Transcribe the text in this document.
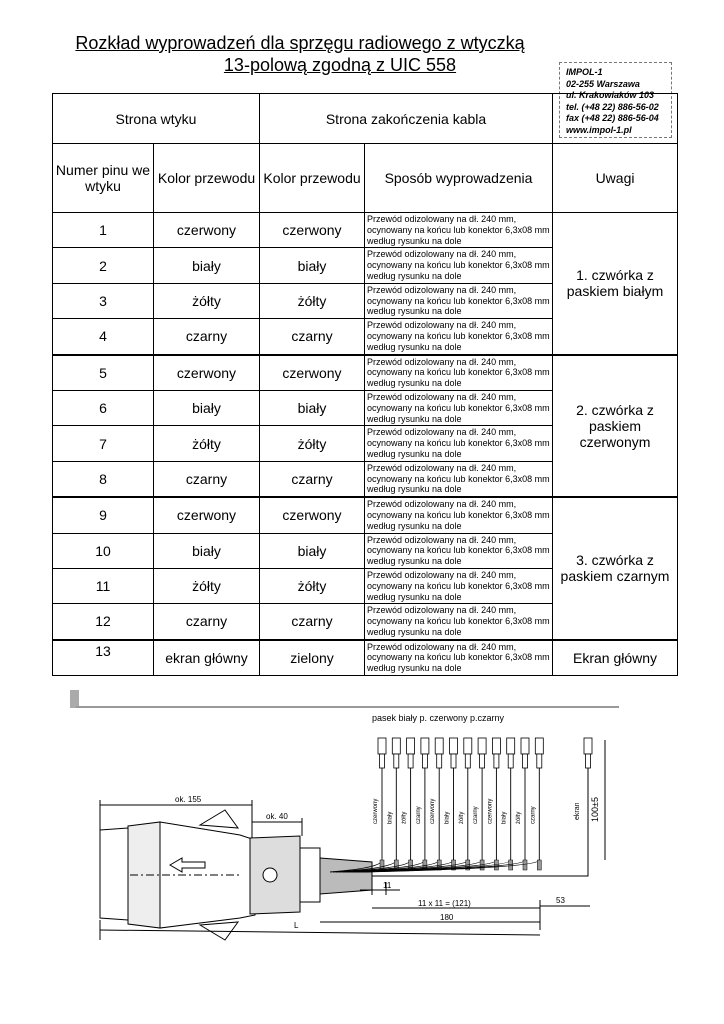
Rozkład wyprowadzeń dla sprzęgu radiowego z wtyczką
13-polową zgodną z UIC 558	IMPOL-1
02-255 Warszawa
ul. Krakowiaków 103
tel. (+48 22) 886-56-02
fax (+48 22) 886-56-04
www.impol-1.pl
Strona wtyku		Strona zakończenia kabla		
Numer pinu we wtyku	Kolor przewodu	Kolor przewodu	Sposób wyprowadzenia	Uwagi
1	czerwony	czerwony	Przewód odizolowany na dł. 240 mm, ocynowany na końcu lub konektor 6,3x08 mm według rysunku na dole	1. czwórka z paskiem białym
2	biały	biały	Przewód odizolowany na dł. 240 mm, ocynowany na końcu lub konektor 6,3x08 mm według rysunku na dole	
3	żółty	żółty	Przewód odizolowany na dł. 240 mm, ocynowany na końcu lub konektor 6,3x08 mm według rysunku na dole	
4	czarny	czarny	Przewód odizolowany na dł. 240 mm, ocynowany na końcu lub konektor 6,3x08 mm według rysunku na dole	
5	czerwony	czerwony	Przewód odizolowany na dł. 240 mm, ocynowany na końcu lub konektor 6,3x08 mm według rysunku na dole	2. czwórka z paskiem czerwonym
6	biały	biały	Przewód odizolowany na dł. 240 mm, ocynowany na końcu lub konektor 6,3x08 mm według rysunku na dole	
7	żółty	żółty	Przewód odizolowany na dł. 240 mm, ocynowany na końcu lub konektor 6,3x08 mm według rysunku na dole	
8	czarny	czarny	Przewód odizolowany na dł. 240 mm, ocynowany na końcu lub konektor 6,3x08 mm według rysunku na dole	
9	czerwony	czerwony	Przewód odizolowany na dł. 240 mm, ocynowany na końcu lub konektor 6,3x08 mm według rysunku na dole	3. czwórka z paskiem czarnym
10	biały	biały	Przewód odizolowany na dł. 240 mm, ocynowany na końcu lub konektor 6,3x08 mm według rysunku na dole	
11	żółty	żółty	Przewód odizolowany na dł. 240 mm, ocynowany na końcu lub konektor 6,3x08 mm według rysunku na dole	
12	czarny	czarny	Przewód odizolowany na dł. 240 mm, ocynowany na końcu lub konektor 6,3x08 mm według rysunku na dole	
13	ekran główny	zielony	Przewód odizolowany na dł. 240 mm, ocynowany na końcu lub konektor 6,3x08 mm według rysunku na dole	Ekran główny
czerwony biały żółty czarny czerwony biały żółty czarny czerwony biały żółty czarny
pasek biały p. czerwony p.czarny
ok. 155
ok. 40
11
11 x 11 = (121)
180
53
L
100±5
ekran
